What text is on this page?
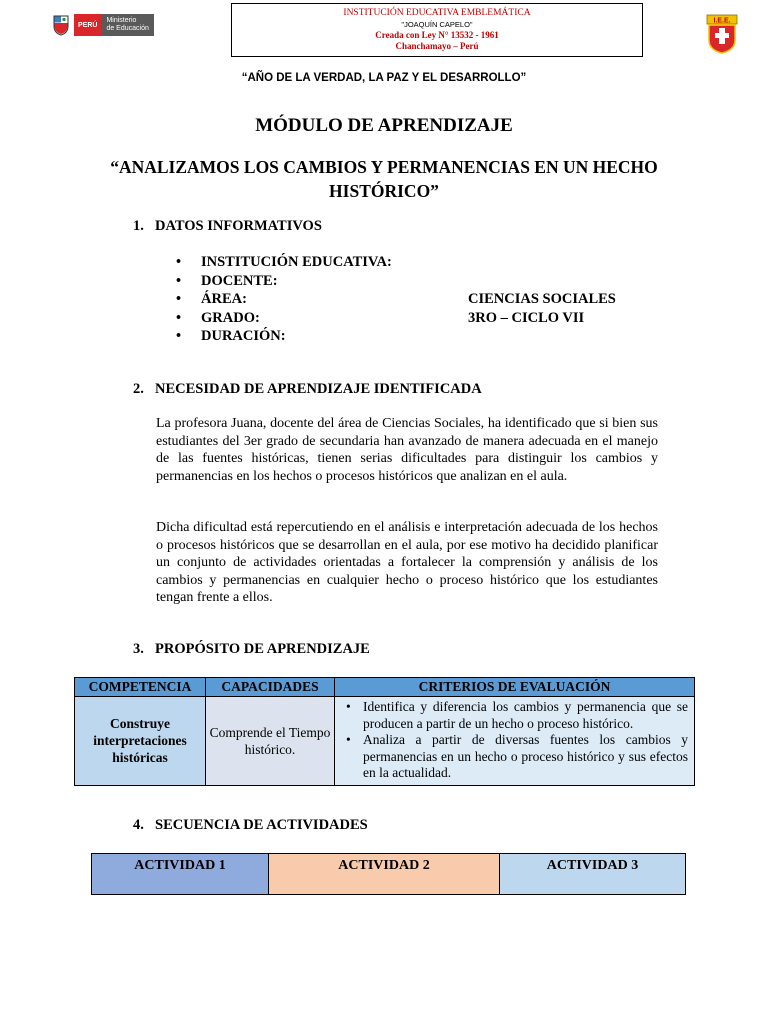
PERÚ
Ministerio
de Educación
INSTITUCIÓN EDUCATIVA EMBLEMÁTICA
"JOAQUÍN CAPELO"
Creada con Ley N° 13532 - 1961
Chanchamayo – Perú
I.E.E.
“AÑO DE LA VERDAD, LA PAZ Y EL DESARROLLO”
MÓDULO DE APRENDIZAJE
“ANALIZAMOS LOS CAMBIOS Y PERMANENCIAS EN UN HECHO HISTÓRICO”
1. DATOS INFORMATIVOS
• INSTITUCIÓN EDUCATIVA:
• DOCENTE:
• ÁREA:	CIENCIAS SOCIALES
• GRADO:	3RO – CICLO VII
• DURACIÓN:
2. NECESIDAD DE APRENDIZAJE IDENTIFICADA
La profesora Juana, docente del área de Ciencias Sociales, ha identificado que si bien sus estudiantes del 3er grado de secundaria han avanzado de manera adecuada en el manejo de las fuentes históricas, tienen serias dificultades para distinguir los cambios y permanencias en los hechos o procesos históricos que analizan en el aula.
Dicha dificultad está repercutiendo en el análisis e interpretación adecuada de los hechos o procesos históricos que se desarrollan en el aula, por ese motivo ha decidido planificar un conjunto de actividades orientadas a fortalecer la comprensión y análisis de los cambios y permanencias en cualquier hecho o proceso histórico que los estudiantes tengan frente a ellos.
3. PROPÓSITO DE APRENDIZAJE
COMPETENCIA	CAPACIDADES	CRITERIOS DE EVALUACIÓN
Construye interpretaciones históricas	Comprende el Tiempo histórico.	• Identifica y diferencia los cambios y permanencia que se producen a partir de un hecho o proceso histórico.
• Analiza a partir de diversas fuentes los cambios y permanencias en un hecho o proceso histórico y sus efectos en la actualidad.
4. SECUENCIA DE ACTIVIDADES
ACTIVIDAD 1	ACTIVIDAD 2	ACTIVIDAD 3
